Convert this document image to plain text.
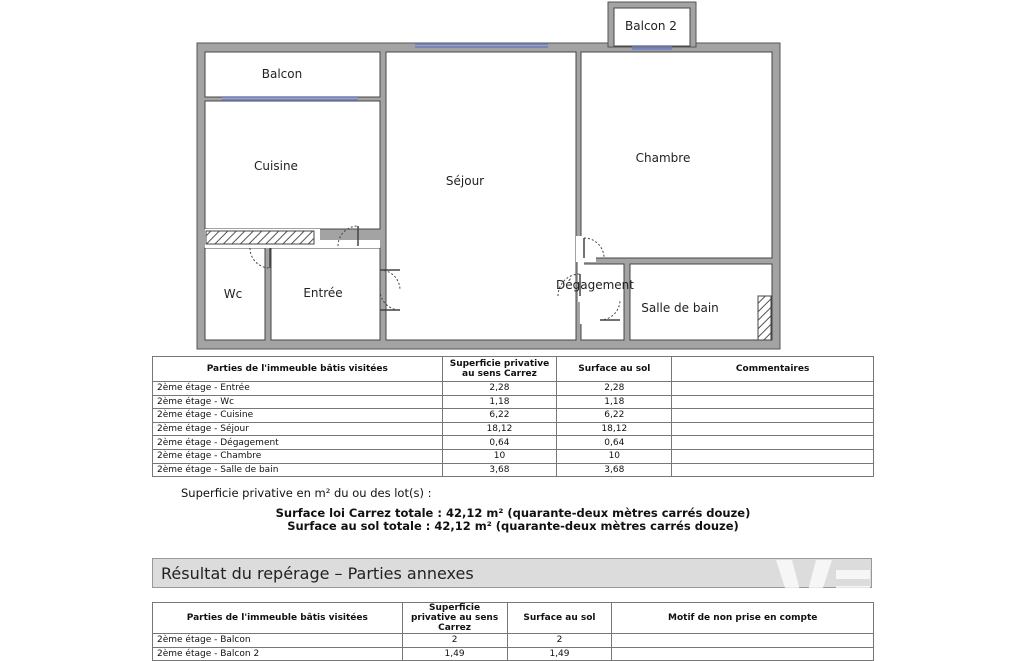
Balcon
Balcon 2
Cuisine
Séjour
Chambre
Wc	Entrée
Dégagement
Salle de bain
Parties de l'immeuble bâtis visitées	Superficie privative au sens Carrez	Surface au sol	Commentaires
2ème étage - Entrée	2,28	2,28	
2ème étage - Wc	1,18	1,18	
2ème étage - Cuisine	6,22	6,22	
2ème étage - Séjour	18,12	18,12	
2ème étage - Dégagement	0,64	0,64	
2ème étage - Chambre	10	10	
2ème étage - Salle de bain	3,68	3,68	
Superficie privative en m² du ou des lot(s) :
Surface loi Carrez totale : 42,12 m² (quarante-deux mètres carrés douze)
Surface au sol totale : 42,12 m² (quarante-deux mètres carrés douze)
Résultat du repérage – Parties annexes
Parties de l'immeuble bâtis visitées	Superficie privative au sens Carrez	Surface au sol	Motif de non prise en compte
2ème étage - Balcon	2	2	
2ème étage - Balcon 2	1,49	1,49	
